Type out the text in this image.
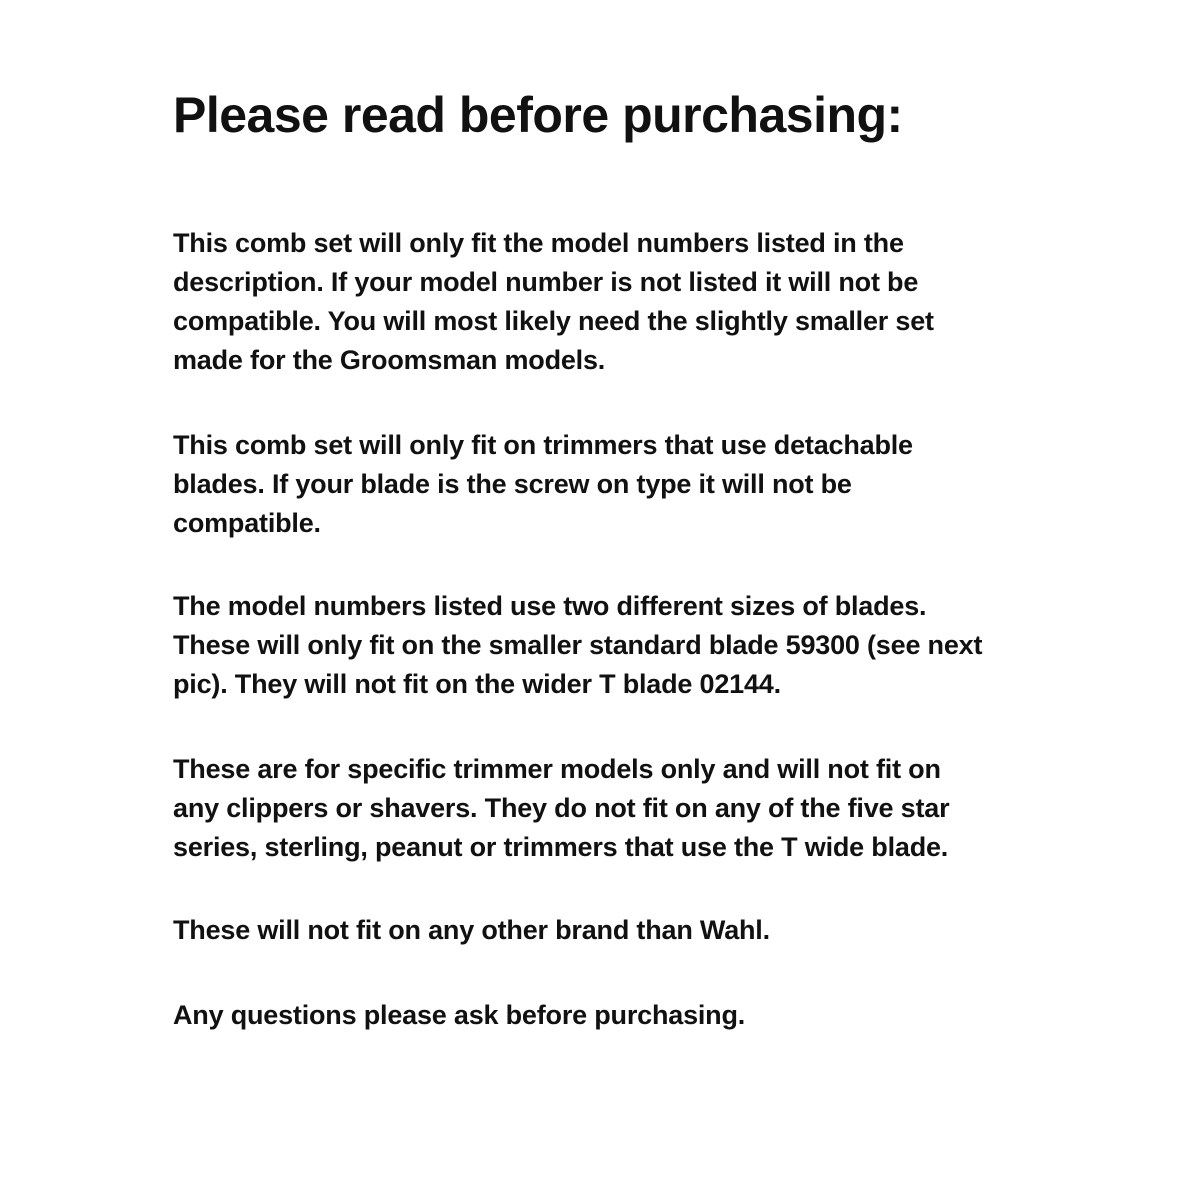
Please read before purchasing:

This comb set will only fit the model numbers listed in the
description. If your model number is not listed it will not be
compatible. You will most likely need the slightly smaller set
made for the Groomsman models.

This comb set will only fit on trimmers that use detachable
blades. If your blade is the screw on type it will not be
compatible.

The model numbers listed use two different sizes of blades.
These will only fit on the smaller standard blade 59300 (see next
pic). They will not fit on the wider T blade 02144.

These are for specific trimmer models only and will not fit on
any clippers or shavers. They do not fit on any of the five star
series, sterling, peanut or trimmers that use the T wide blade.

These will not fit on any other brand than Wahl.

Any questions please ask before purchasing.
